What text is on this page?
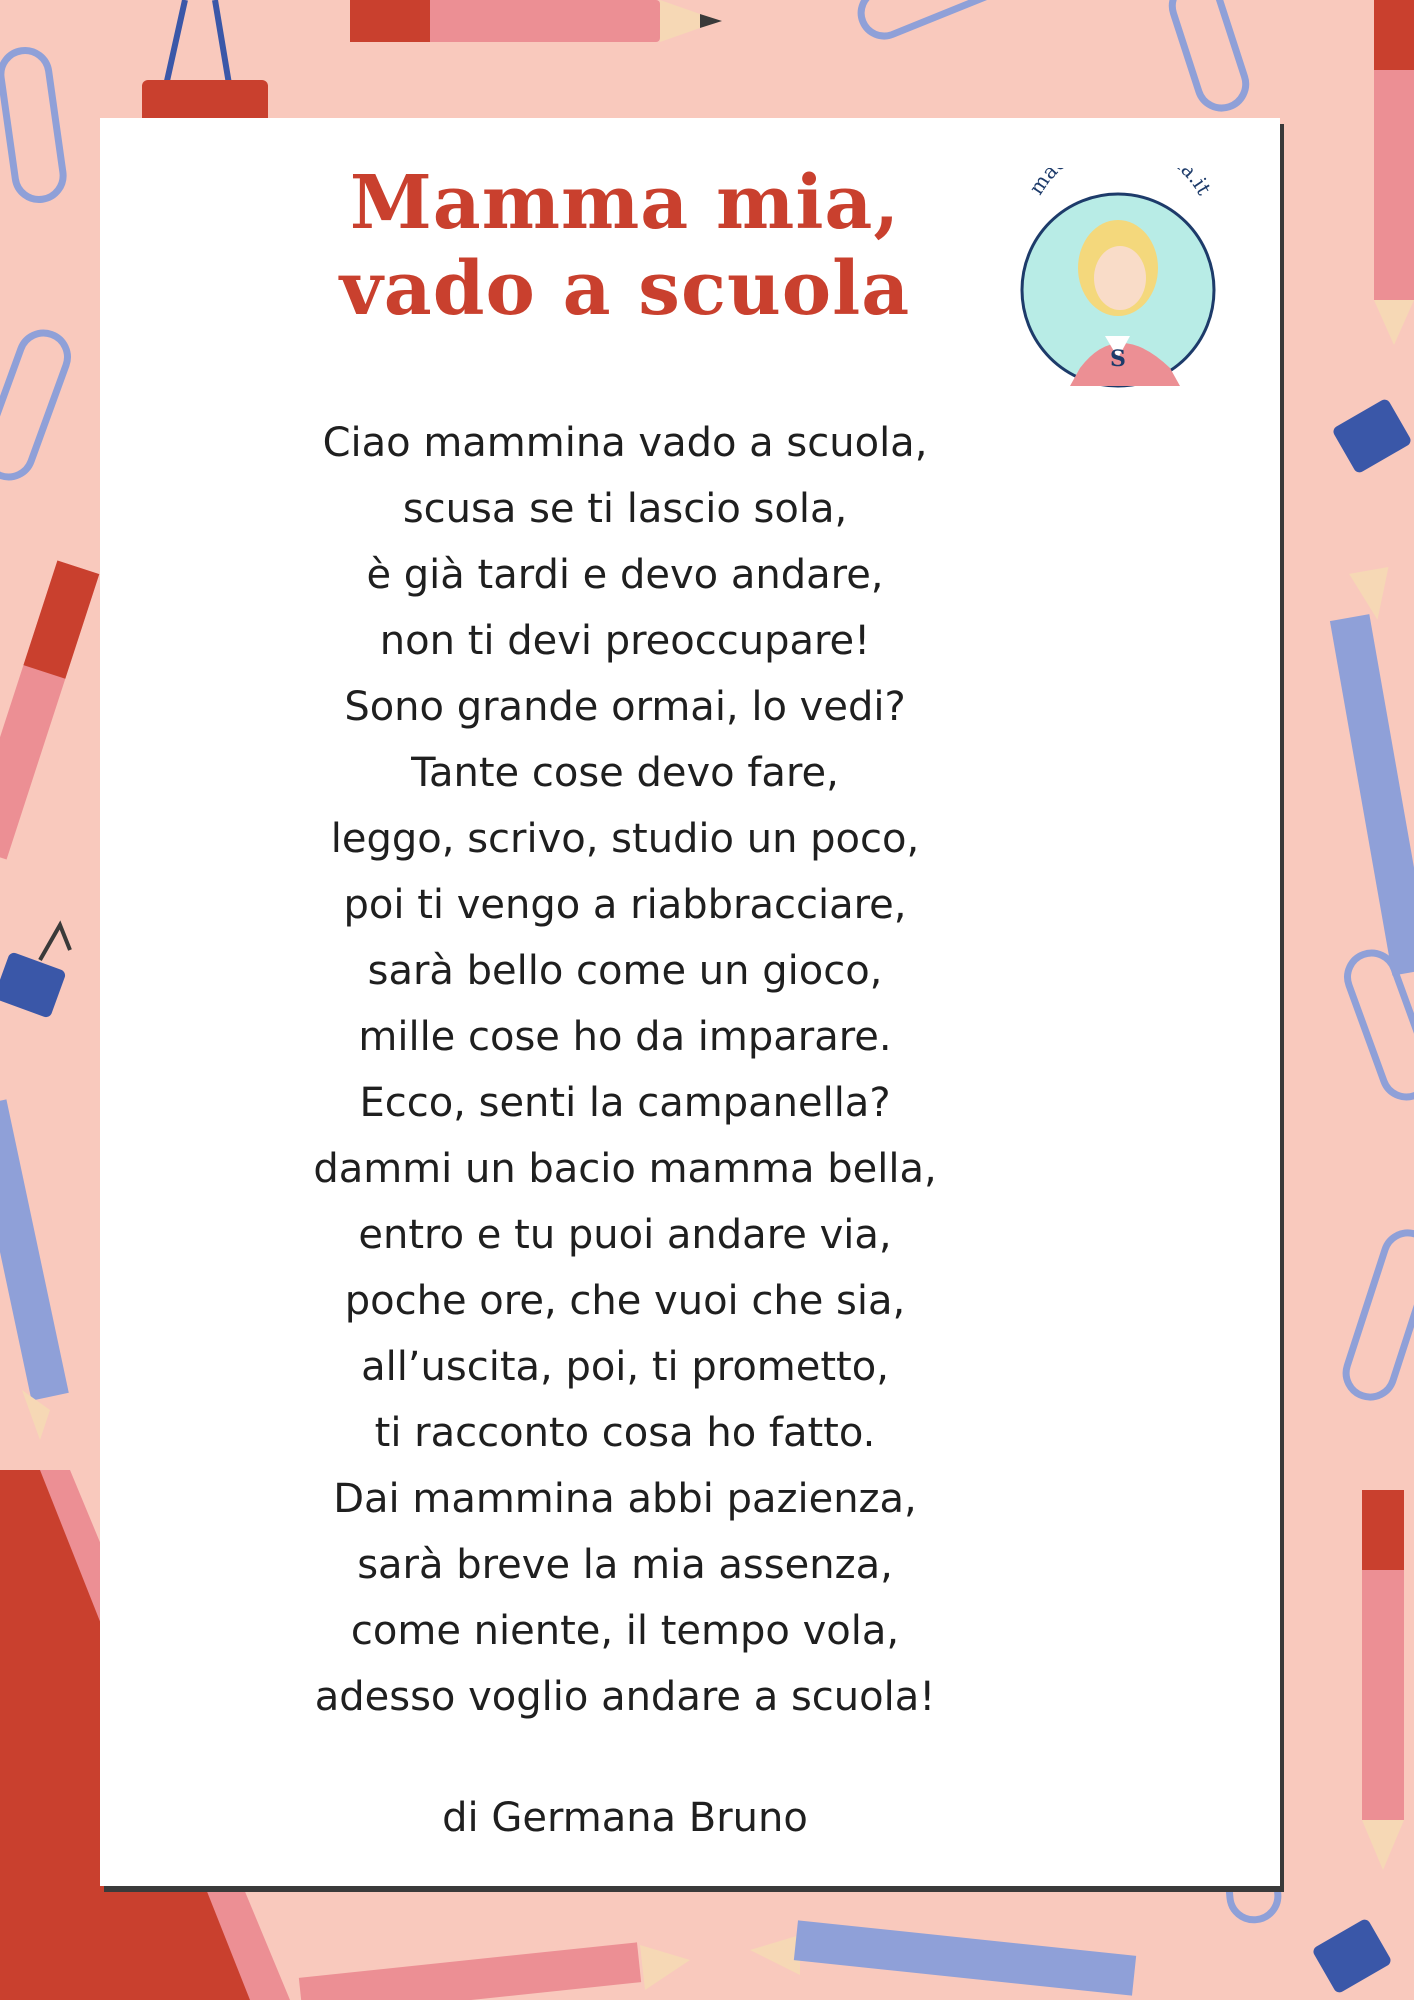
Mamma mia,
vado a scuola
ma a.it
S
Ciao mammina vado a scuola,
scusa se ti lascio sola,
è già tardi e devo andare,
non ti devi preoccupare!
Sono grande ormai, lo vedi?
Tante cose devo fare,
leggo, scrivo, studio un poco,
poi ti vengo a riabbracciare,
sarà bello come un gioco,
mille cose ho da imparare.
Ecco, senti la campanella?
dammi un bacio mamma bella,
entro e tu puoi andare via,
poche ore, che vuoi che sia,
all’uscita, poi, ti prometto,
ti racconto cosa ho fatto.
Dai mammina abbi pazienza,
sarà breve la mia assenza,
come niente, il tempo vola,
adesso voglio andare a scuola!
di Germana Bruno
